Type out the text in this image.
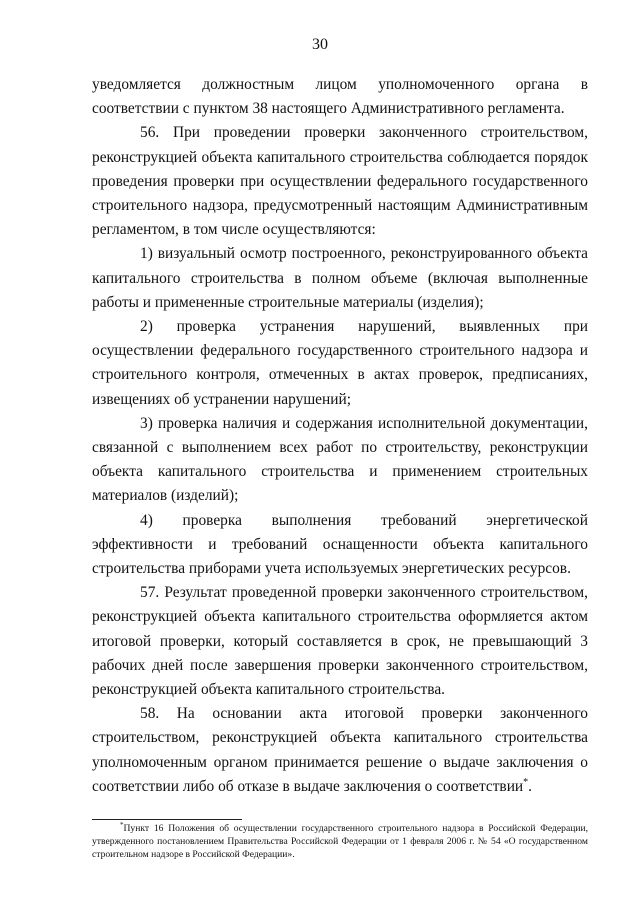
30

уведомляется должностным лицом уполномоченного органа в соответствии с пунктом 38 настоящего Административного регламента.

56. При проведении проверки законченного строительством, реконструкцией объекта капитального строительства соблюдается порядок проведения проверки при осуществлении федерального государственного строительного надзора, предусмотренный настоящим Административным регламентом, в том числе осуществляются:

1) визуальный осмотр построенного, реконструированного объекта капитального строительства в полном объеме (включая выполненные работы и примененные строительные материалы (изделия);

2) проверка устранения нарушений, выявленных при осуществлении федерального государственного строительного надзора и строительного контроля, отмеченных в актах проверок, предписаниях, извещениях об устранении нарушений;

3) проверка наличия и содержания исполнительной документации, связанной с выполнением всех работ по строительству, реконструкции объекта капитального строительства и применением строительных материалов (изделий);

4) проверка выполнения требований энергетической эффективности и требований оснащенности объекта капитального строительства приборами учета используемых энергетических ресурсов.

57. Результат проведенной проверки законченного строительством, реконструкцией объекта капитального строительства оформляется актом итоговой проверки, который составляется в срок, не превышающий 3 рабочих дней после завершения проверки законченного строительством, реконструкцией объекта капитального строительства.

58. На основании акта итоговой проверки законченного строительством, реконструкцией объекта капитального строительства уполномоченным органом принимается решение о выдаче заключения о соответствии либо об отказе в выдаче заключения о соответствии*.

*Пункт 16 Положения об осуществлении государственного строительного надзора в Российской Федерации, утвержденного постановлением Правительства Российской Федерации от 1 февраля 2006 г. № 54 «О государственном строительном надзоре в Российской Федерации».
